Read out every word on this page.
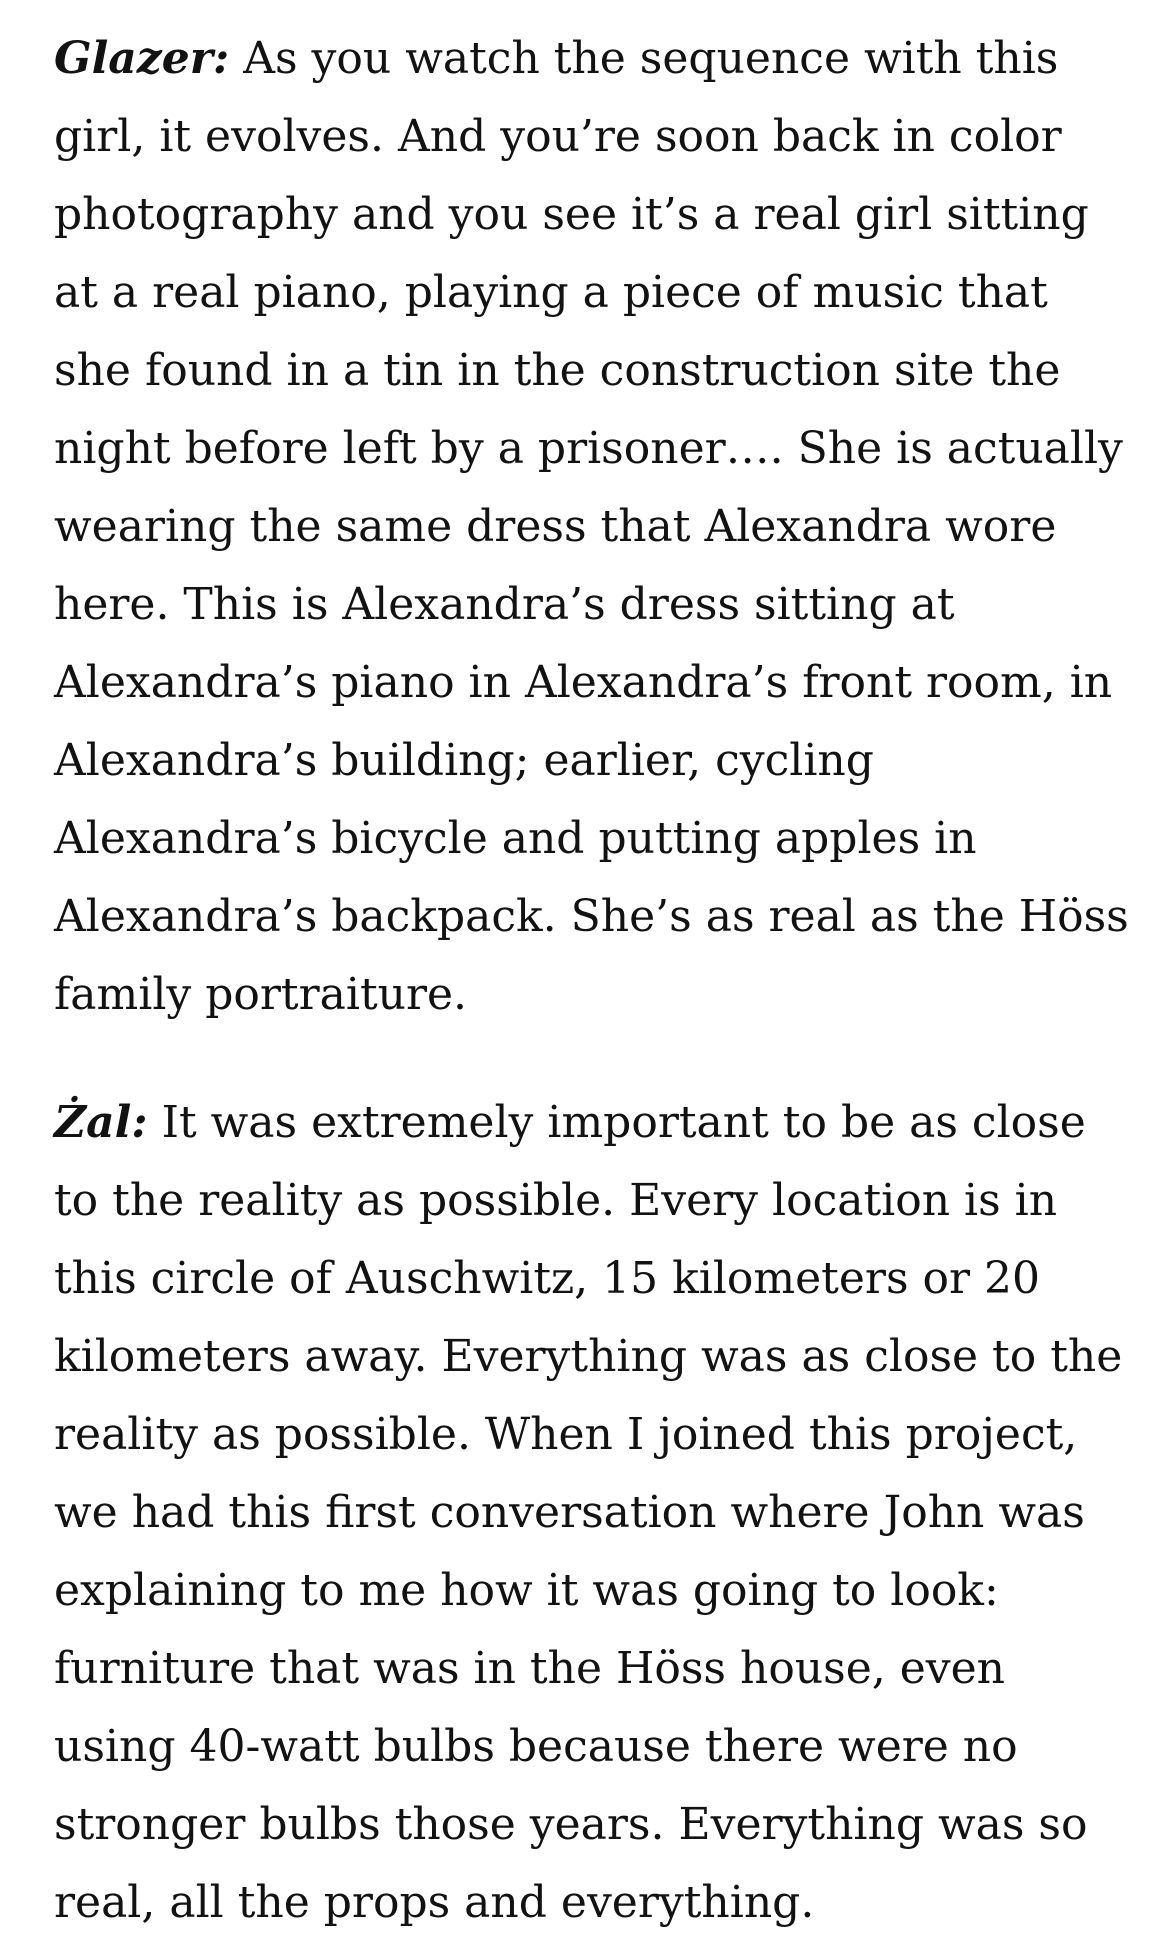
Glazer: As you watch the sequence with this girl, it evolves. And you’re soon back in color photography and you see it’s a real girl sitting at a real piano, playing a piece of music that she found in a tin in the construction site the night before left by a prisoner…. She is actually wearing the same dress that Alexandra wore here. This is Alexandra’s dress sitting at Alexandra’s piano in Alexandra’s front room, in Alexandra’s building; earlier, cycling Alexandra’s bicycle and putting apples in Alexandra’s backpack. She’s as real as the Höss family portraiture.

Żal: It was extremely important to be as close to the reality as possible. Every location is in this circle of Auschwitz, 15 kilometers or 20 kilometers away. Everything was as close to the reality as possible. When I joined this project, we had this first conversation where John was explaining to me how it was going to look: furniture that was in the Höss house, even using 40-watt bulbs because there were no stronger bulbs those years. Everything was so real, all the props and everything.
